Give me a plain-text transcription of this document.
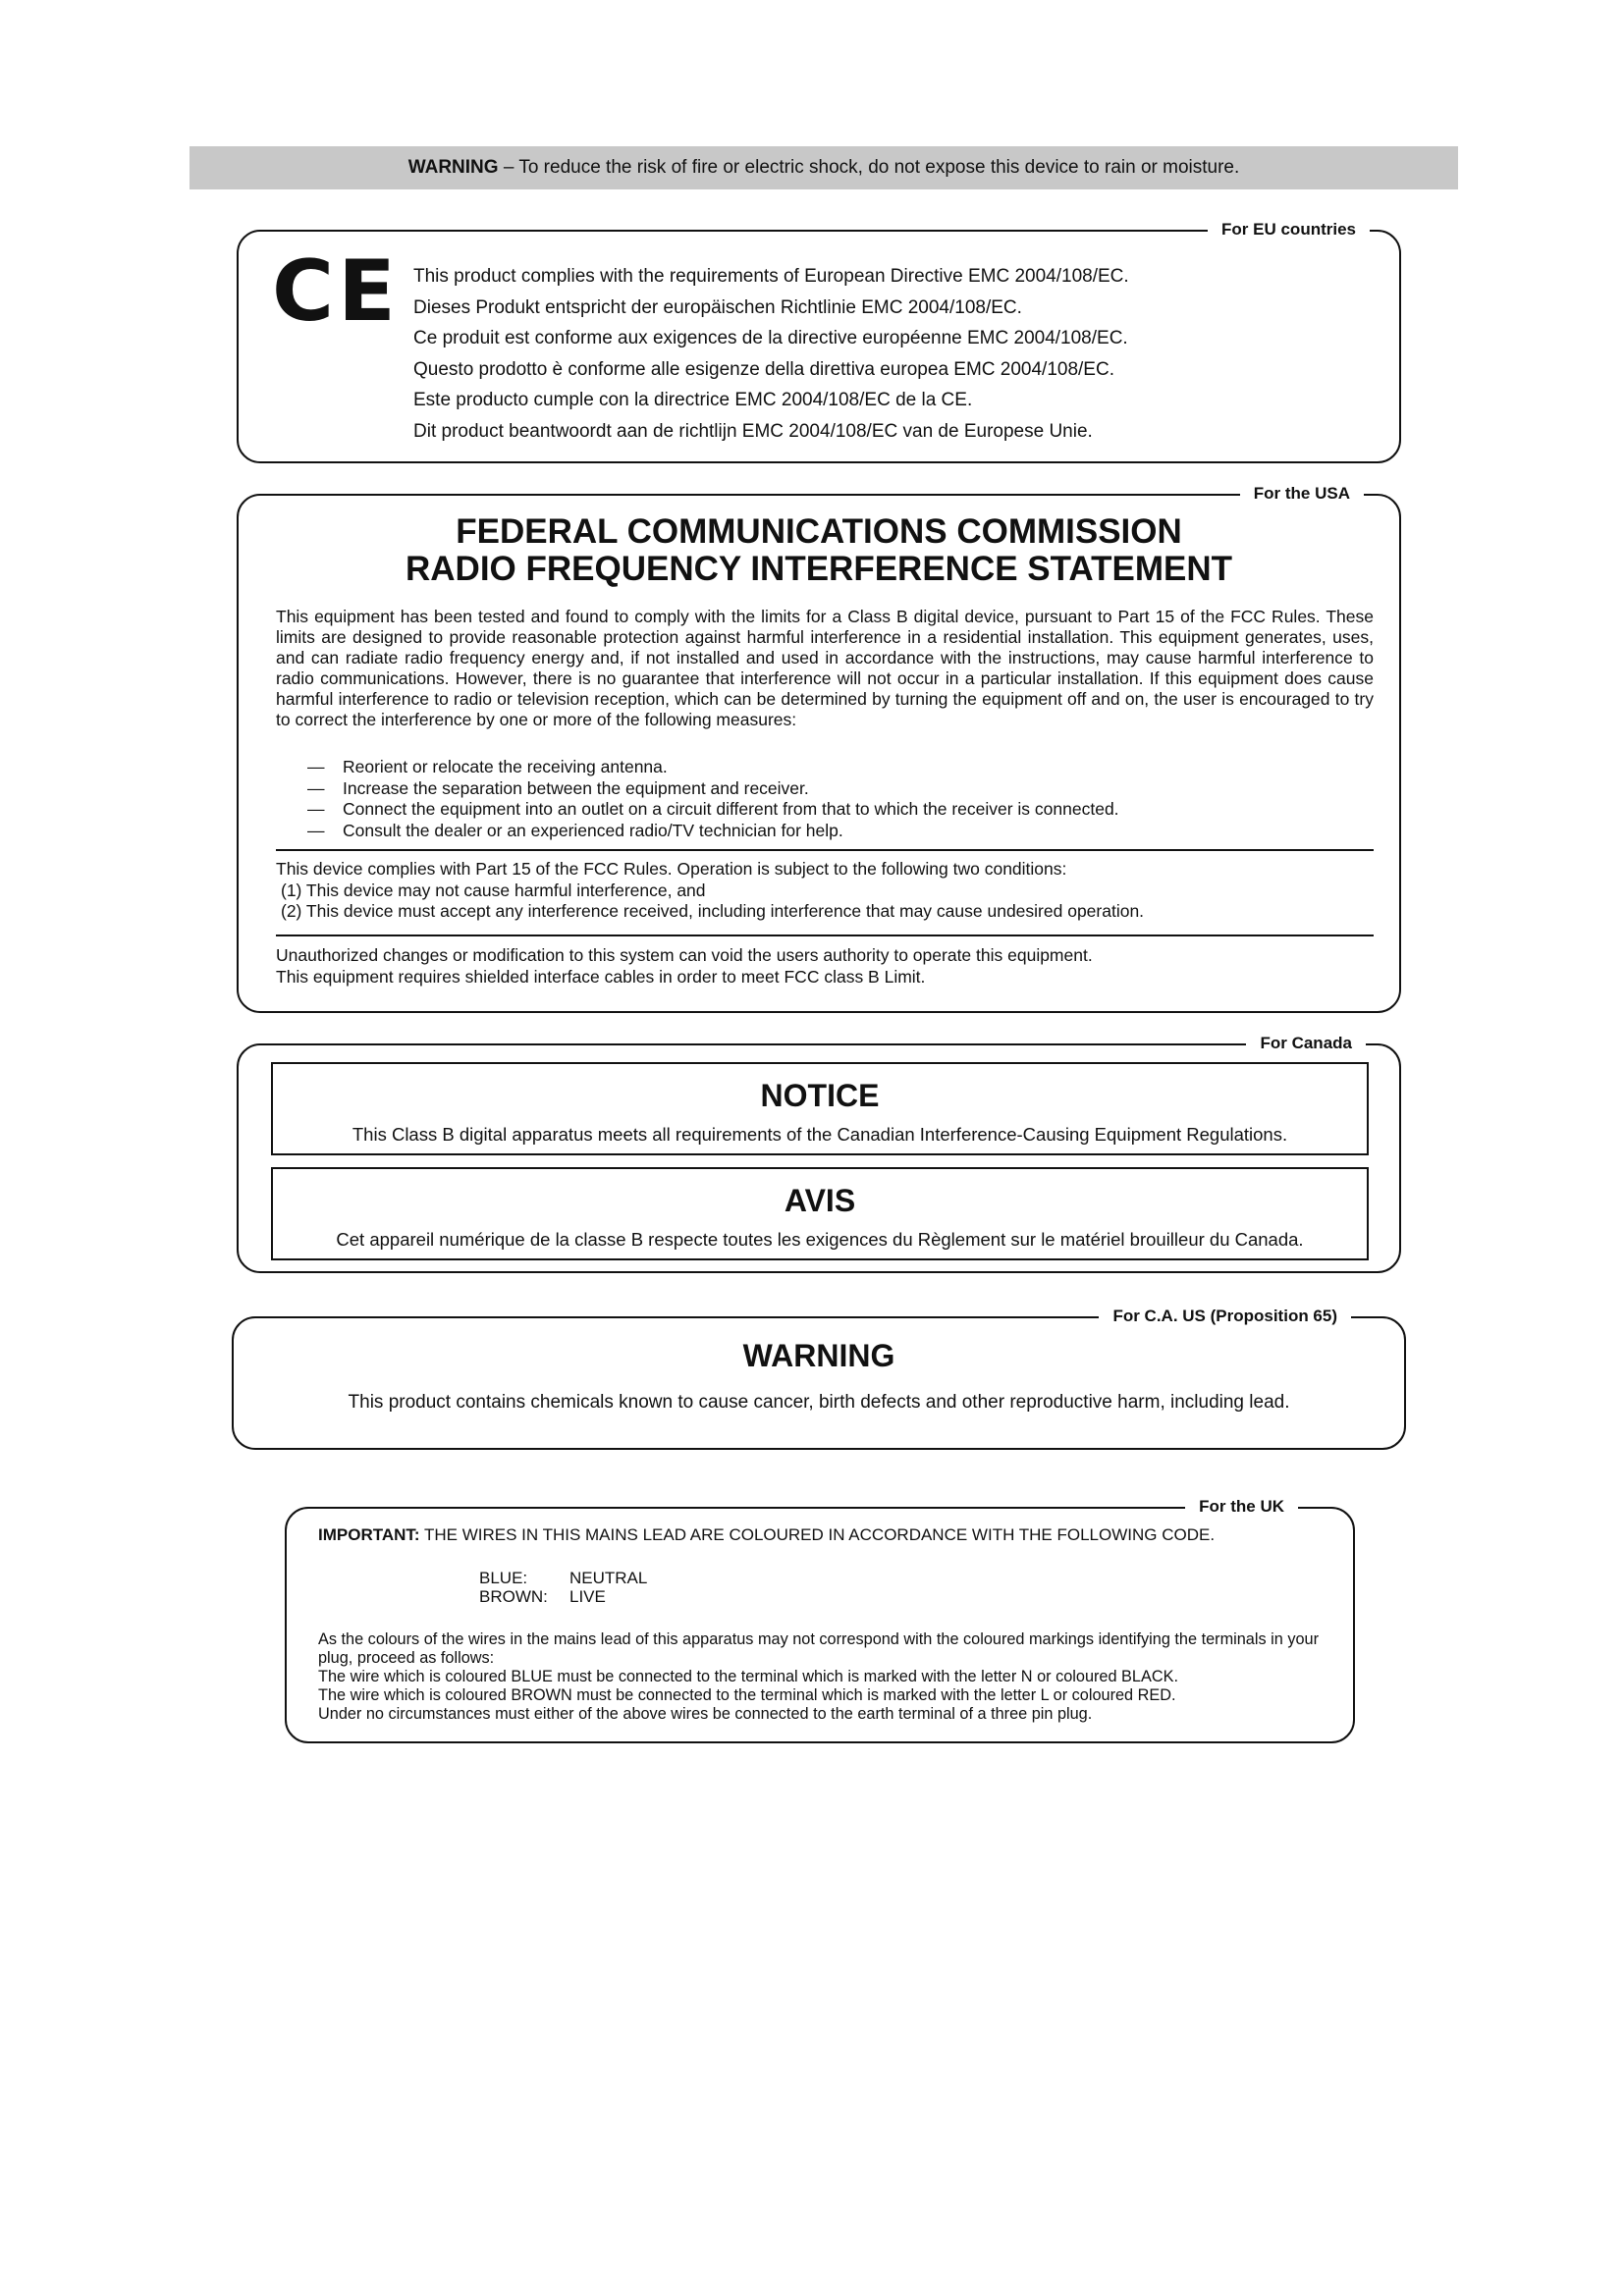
WARNING – To reduce the risk of fire or electric shock, do not expose this device to rain or moisture.
For EU countries
CE This product complies with the requirements of European Directive EMC 2004/108/EC.
Dieses Produkt entspricht der europäischen Richtlinie EMC 2004/108/EC.
Ce produit est conforme aux exigences de la directive européenne EMC 2004/108/EC.
Questo prodotto è conforme alle esigenze della direttiva europea EMC 2004/108/EC.
Este producto cumple con la directrice EMC 2004/108/EC de la CE.
Dit product beantwoordt aan de richtlijn EMC 2004/108/EC van de Europese Unie.
For the USA
FEDERAL COMMUNICATIONS COMMISSION
RADIO FREQUENCY INTERFERENCE STATEMENT
This equipment has been tested and found to comply with the limits for a Class B digital device, pursuant to Part 15 of the FCC Rules. These limits are designed to provide reasonable protection against harmful interference in a residential installation. This equipment generates, uses, and can radiate radio frequency energy and, if not installed and used in accordance with the instructions, may cause harmful interference to radio communications. However, there is no guarantee that interference will not occur in a particular installation. If this equipment does cause harmful interference to radio or television reception, which can be determined by turning the equipment off and on, the user is encouraged to try to correct the interference by one or more of the following measures:
— Reorient or relocate the receiving antenna.
— Increase the separation between the equipment and receiver.
— Connect the equipment into an outlet on a circuit different from that to which the receiver is connected.
— Consult the dealer or an experienced radio/TV technician for help.
This device complies with Part 15 of the FCC Rules. Operation is subject to the following two conditions:
(1) This device may not cause harmful interference, and
(2) This device must accept any interference received, including interference that may cause undesired operation.
Unauthorized changes or modification to this system can void the users authority to operate this equipment.
This equipment requires shielded interface cables in order to meet FCC class B Limit.
For Canada
NOTICE
This Class B digital apparatus meets all requirements of the Canadian Interference-Causing Equipment Regulations.
AVIS
Cet appareil numérique de la classe B respecte toutes les exigences du Règlement sur le matériel brouilleur du Canada.
For C.A. US (Proposition 65)
WARNING
This product contains chemicals known to cause cancer, birth defects and other reproductive harm, including lead.
For the UK
IMPORTANT: THE WIRES IN THIS MAINS LEAD ARE COLOURED IN ACCORDANCE WITH THE FOLLOWING CODE.
BLUE:	NEUTRAL
BROWN:	LIVE
As the colours of the wires in the mains lead of this apparatus may not correspond with the coloured markings identifying the terminals in your plug, proceed as follows:
The wire which is coloured BLUE must be connected to the terminal which is marked with the letter N or coloured BLACK.
The wire which is coloured BROWN must be connected to the terminal which is marked with the letter L or coloured RED.
Under no circumstances must either of the above wires be connected to the earth terminal of a three pin plug.
